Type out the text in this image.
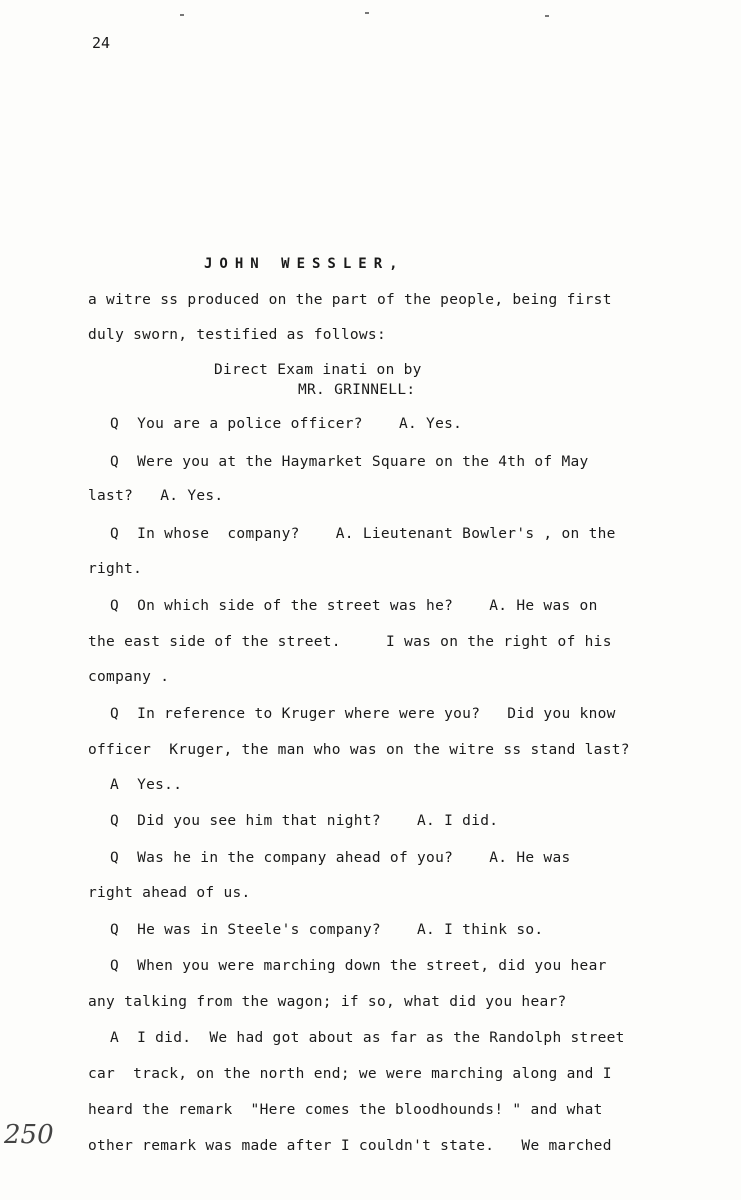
24
JOHN WESSLER,
a witre ss produced on the part of the people, being first
duly sworn, testified as follows:
Direct Exam inati on by
MR. GRINNELL:
Q  You are a police officer?    A. Yes.
Q  Were you at the Haymarket Square on the 4th of May
last?   A. Yes.
Q  In whose  company?    A. Lieutenant Bowler's , on the
right.
Q  On which side of the street was he?    A. He was on
the east side of the street.     I was on the right of his
company .
Q  In reference to Kruger where were you?   Did you know
officer  Kruger, the man who was on the witre ss stand last?
A  Yes..
Q  Did you see him that night?    A. I did.
Q  Was he in the company ahead of you?    A. He was
right ahead of us.
Q  He was in Steele's company?    A. I think so.
Q  When you were marching down the street, did you hear
any talking from the wagon; if so, what did you hear?
A  I did.  We had got about as far as the Randolph street
car  track, on the north end; we were marching along and I
heard the remark  "Here comes the bloodhounds! " and what
other remark was made after I couldn't state.   We marched
250
